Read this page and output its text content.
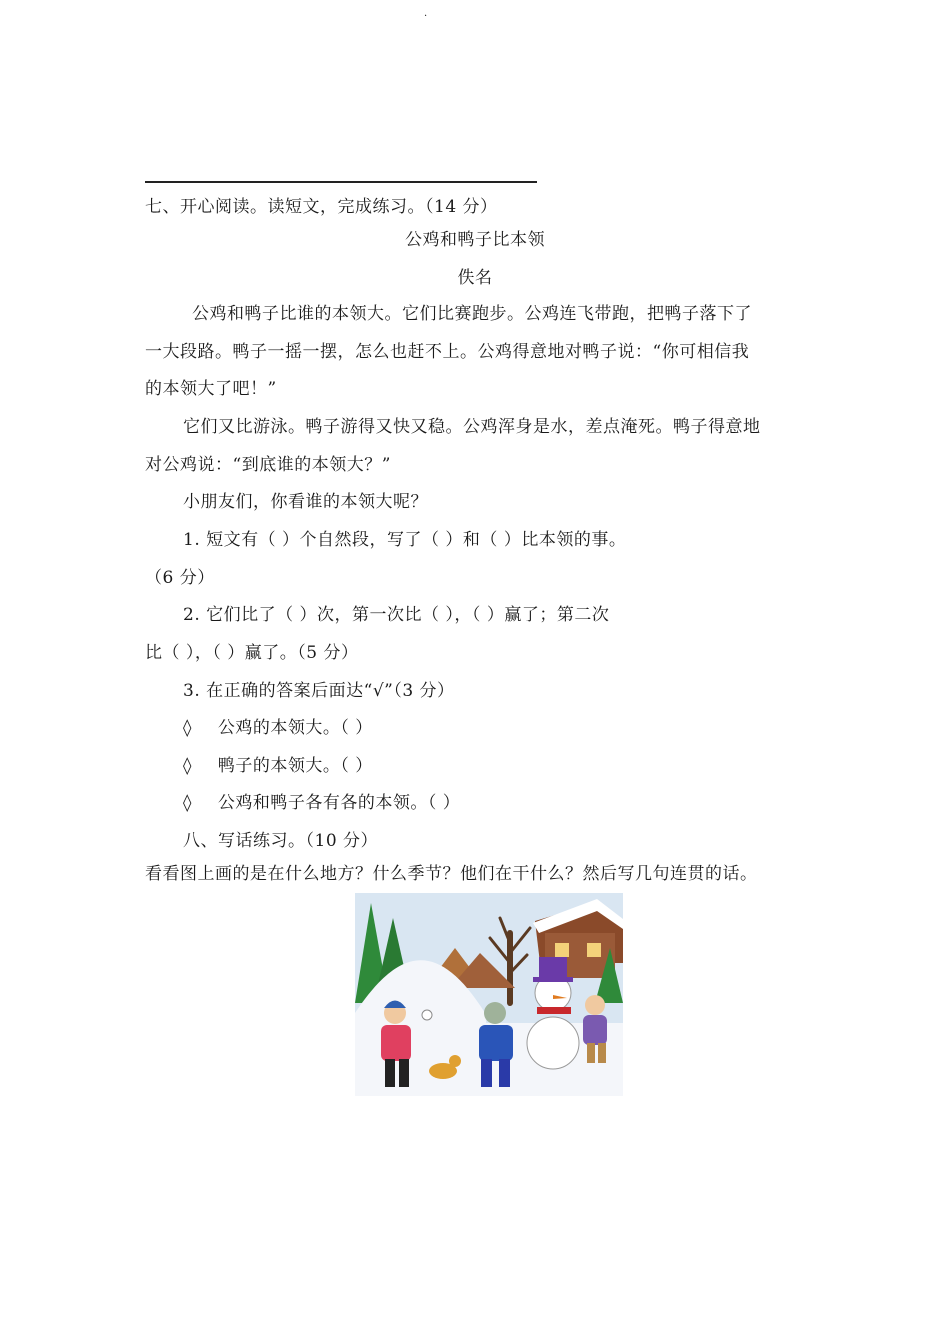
.
七、开心阅读。读短文，完成练习。（14 分）
公鸡和鸭子比本领
佚名
公鸡和鸭子比谁的本领大。它们比赛跑步。公鸡连飞带跑，把鸭子落下了
一大段路。鸭子一摇一摆，怎么也赶不上。公鸡得意地对鸭子说：“你可相信我
的本领大了吧！”
它们又比游泳。鸭子游得又快又稳。公鸡浑身是水，差点淹死。鸭子得意地
对公鸡说：“到底谁的本领大？”
小朋友们，你看谁的本领大呢？
1. 短文有（ ）个自然段，写了（ ）和（ ）比本领的事。
（6 分）
2. 它们比了（ ）次，第一次比（ ），（ ）赢了；第二次
比（ ），（ ）赢了。（5 分）
3. 在正确的答案后面达“√”（3 分）
◊ 公鸡的本领大。（ ）
◊ 鸭子的本领大。（ ）
◊ 公鸡和鸭子各有各的本领。（ ）
八、写话练习。（10 分）
看看图上画的是在什么地方？什么季节？他们在干什么？然后写几句连贯的话。
